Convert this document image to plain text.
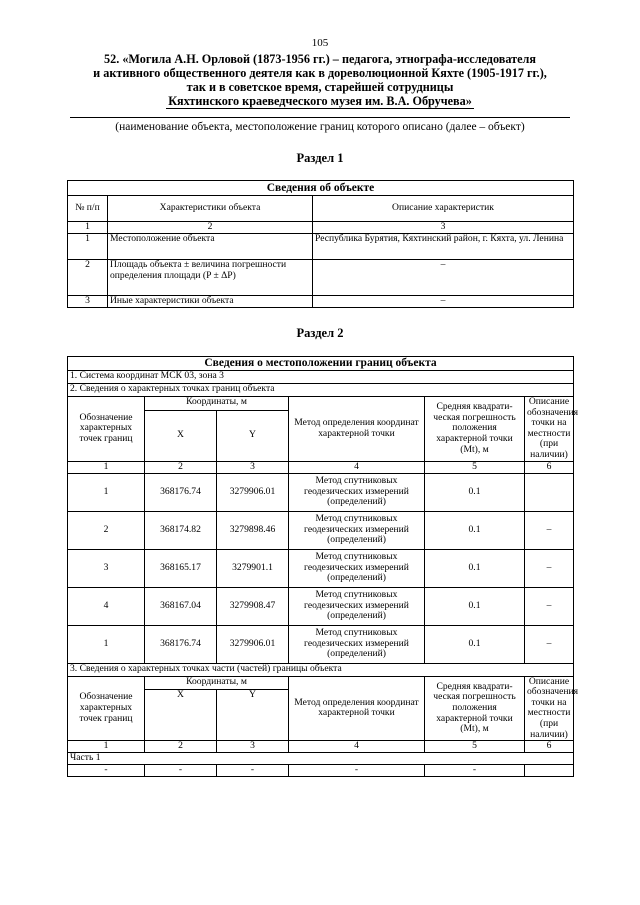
105
52. «Могила А.Н. Орловой (1873-1956 гг.) – педагога, этнографа-исследователя
и активного общественного деятеля как в дореволюционной Кяхте (1905-1917 гг.),
так и в советское время, старейшей сотрудницы
Кяхтинского краеведческого музея им. В.А. Обручева»
(наименование объекта, местоположение границ которого описано (далее – объект)
Раздел 1
Сведения об объекте		
№ п/п	Характеристики объекта	Описание характеристик
1	2	3
1	Местоположение объекта	Республика Бурятия, Кяхтинский район, г. Кяхта, ул. Ленина
2	Площадь объекта ± величина погрешности определения площади (P ± ΔP)	–
3	Иные характеристики объекта	–
Раздел 2
Сведения о местоположении границ объекта					
1. Система координат МСК 03, зона 3					
2. Сведения о характерных точках границ объекта					
Обозначение характерных точек границ	Координаты, м		Метод определения координат характерной точки	Средняя квадрати-ческая погрешность положения характерной точки (Mt), м	Описание обозначения точки на местности (при наличии)
	X	Y			
1	2	3	4	5	6
1	368176.74	3279906.01	Метод спутниковых геодезических измерений (определений)	0.1	
2	368174.82	3279898.46	Метод спутниковых геодезических измерений (определений)	0.1	–
3	368165.17	3279901.1	Метод спутниковых геодезических измерений (определений)	0.1	–
4	368167.04	3279908.47	Метод спутниковых геодезических измерений (определений)	0.1	–
1	368176.74	3279906.01	Метод спутниковых геодезических измерений (определений)	0.1	–
3. Сведения о характерных точках части (частей) границы объекта					
Обозначение характерных точек границ	Координаты, м		Метод определения координат характерной точки	Средняя квадрати-ческая погрешность положения характерной точки (Mt), м	Описание обозначения точки на местности (при наличии)
	X	Y			
1	2	3	4	5	6
Часть 1					
-	-	-	-	-	
